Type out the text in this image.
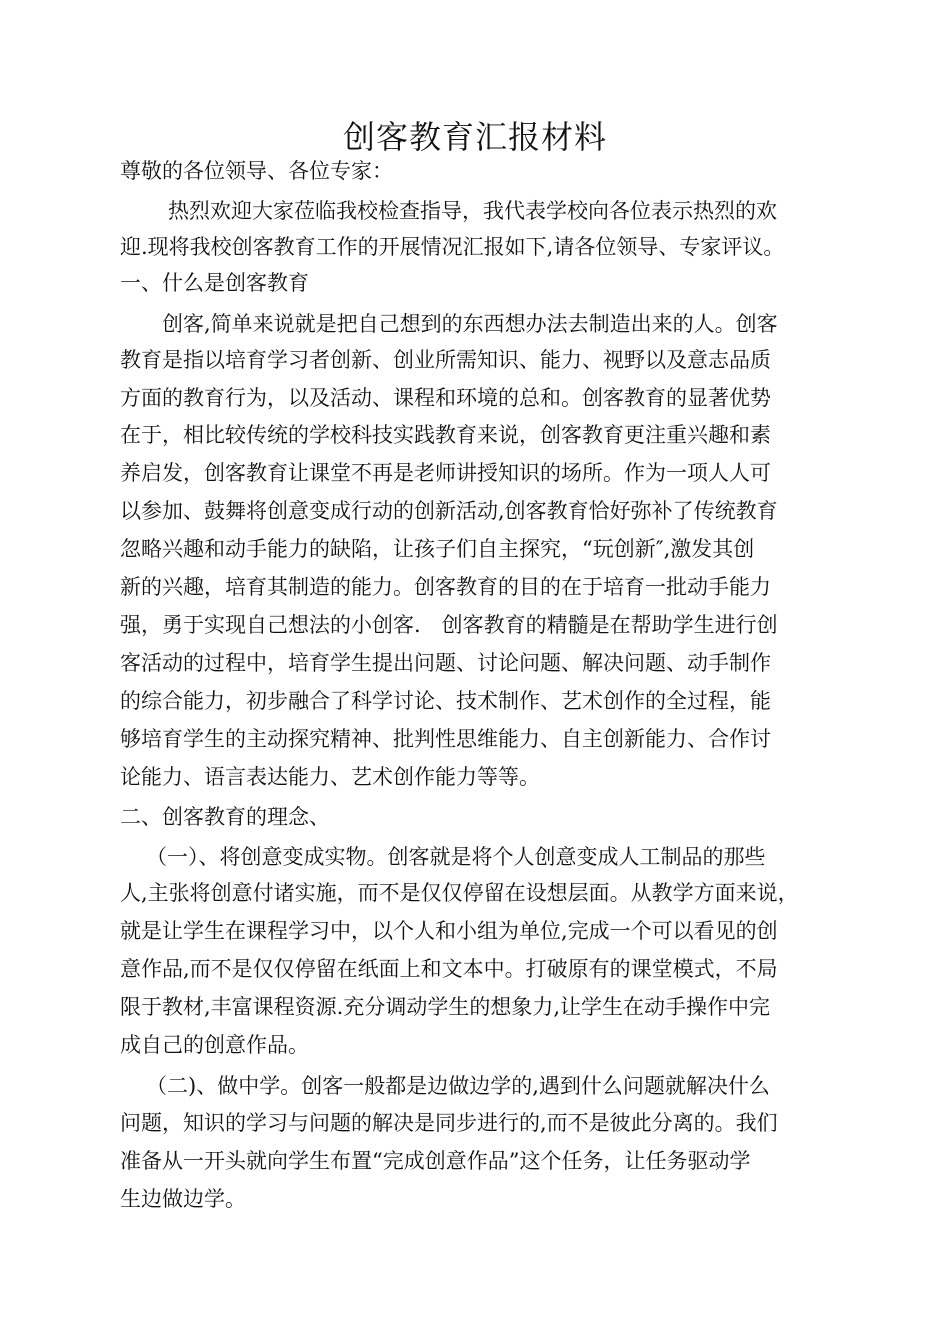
创客教育汇报材料
尊敬的各位领导、各位专家：
热烈欢迎大家莅临我校检查指导，我代表学校向各位表示热烈的欢
迎.现将我校创客教育工作的开展情况汇报如下,请各位领导、专家评议。
一、什么是创客教育
创客,简单来说就是把自己想到的东西想办法去制造出来的人。创客
教育是指以培育学习者创新、创业所需知识、能力、视野以及意志品质
方面的教育行为，以及活动、课程和环境的总和。创客教育的显著优势
在于，相比较传统的学校科技实践教育来说，创客教育更注重兴趣和素
养启发，创客教育让课堂不再是老师讲授知识的场所。作为一项人人可
以参加、鼓舞将创意变成行动的创新活动,创客教育恰好弥补了传统教育
忽略兴趣和动手能力的缺陷，让孩子们自主探究，“玩创新″,激发其创
新的兴趣，培育其制造的能力。创客教育的目的在于培育一批动手能力
强，勇于实现自己想法的小创客.　创客教育的精髓是在帮助学生进行创
客活动的过程中，培育学生提出问题、讨论问题、解决问题、动手制作
的综合能力，初步融合了科学讨论、技术制作、艺术创作的全过程，能
够培育学生的主动探究精神、批判性思维能力、自主创新能力、合作讨
论能力、语言表达能力、艺术创作能力等等。
二、创客教育的理念、
（一）、将创意变成实物。创客就是将个人创意变成人工制品的那些
人,主张将创意付诸实施，而不是仅仅停留在设想层面。从教学方面来说，
就是让学生在课程学习中，以个人和小组为单位,完成一个可以看见的创
意作品,而不是仅仅停留在纸面上和文本中。打破原有的课堂模式，不局
限于教材,丰富课程资源.充分调动学生的想象力,让学生在动手操作中完
成自己的创意作品。
（二)、做中学。创客一般都是边做边学的,遇到什么问题就解决什么
问题，知识的学习与问题的解决是同步进行的,而不是彼此分离的。我们
准备从一开头就向学生布置“完成创意作品”这个任务，让任务驱动学
生边做边学。
